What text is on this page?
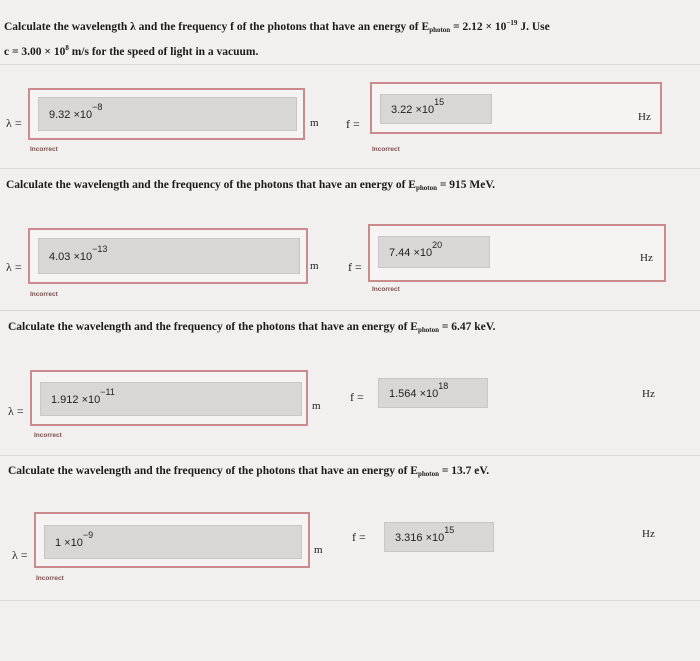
Calculate the wavelength λ and the frequency f of the photons that have an energy of $E_{photon} = 2.12 \times 10^{-19}$ J. Use
$c = 3.00 \times 10^8$ m/s for the speed of light in a vacuum.
λ =
$9.32 \times 10^{-8}$
m
Incorrect
f =
$3.22 \times 10^{15}$
Hz
Incorrect
Calculate the wavelength and the frequency of the photons that have an energy of $E_{photon} = 915$ MeV.
λ =
$4.03 \times 10^{-13}$
m
Incorrect
f =
$7.44 \times 10^{20}$
Hz
Incorrect
Calculate the wavelength and the frequency of the photons that have an energy of $E_{photon} = 6.47$ keV.
λ =
$1.912 \times 10^{-11}$
m
Incorrect
f =	$1.564 \times 10^{18}$
Hz
Calculate the wavelength and the frequency of the photons that have an energy of $E_{photon} = 13.7$ eV.
λ =
$1 \times 10^{-9}$
m
Incorrect
f =	$3.316 \times 10^{15}$	Hz
